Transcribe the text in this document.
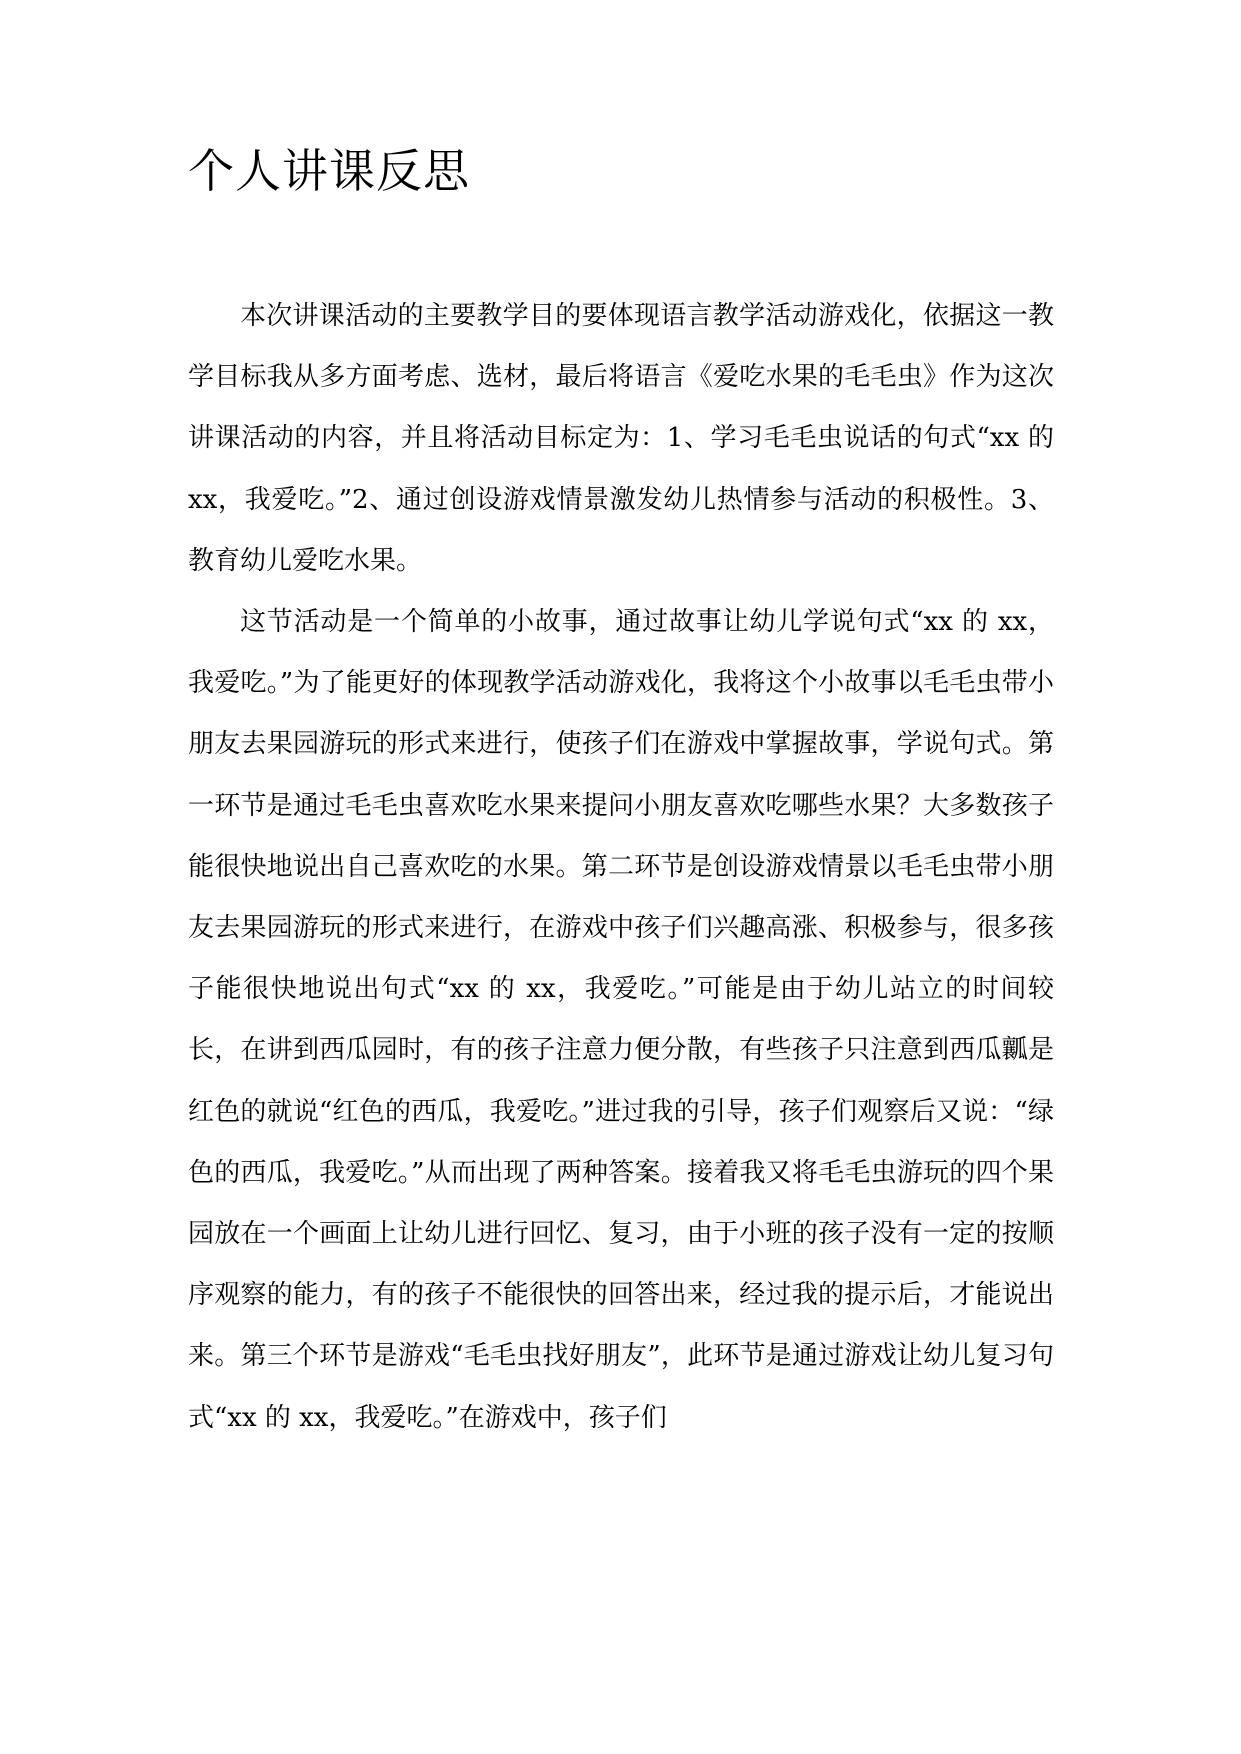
个人讲课反思

本次讲课活动的主要教学目的要体现语言教学活动游戏化，依据这一教学目标我从多方面考虑、选材，最后将语言《爱吃水果的毛毛虫》作为这次讲课活动的内容，并且将活动目标定为：1、学习毛毛虫说话的句式“xx 的 xx，我爱吃。”2、通过创设游戏情景激发幼儿热情参与活动的积极性。3、教育幼儿爱吃水果。

这节活动是一个简单的小故事，通过故事让幼儿学说句式“xx 的 xx，我爱吃。”为了能更好的体现教学活动游戏化，我将这个小故事以毛毛虫带小朋友去果园游玩的形式来进行，使孩子们在游戏中掌握故事，学说句式。第一环节是通过毛毛虫喜欢吃水果来提问小朋友喜欢吃哪些水果？大多数孩子能很快地说出自己喜欢吃的水果。第二环节是创设游戏情景以毛毛虫带小朋友去果园游玩的形式来进行，在游戏中孩子们兴趣高涨、积极参与，很多孩子能很快地说出句式“xx 的 xx，我爱吃。”可能是由于幼儿站立的时间较长，在讲到西瓜园时，有的孩子注意力便分散，有些孩子只注意到西瓜瓤是红色的就说“红色的西瓜，我爱吃。”进过我的引导，孩子们观察后又说：“绿色的西瓜，我爱吃。”从而出现了两种答案。接着我又将毛毛虫游玩的四个果园放在一个画面上让幼儿进行回忆、复习，由于小班的孩子没有一定的按顺序观察的能力，有的孩子不能很快的回答出来，经过我的提示后，才能说出来。第三个环节是游戏“毛毛虫找好朋友”，此环节是通过游戏让幼儿复习句式“xx 的 xx，我爱吃。”在游戏中，孩子们
